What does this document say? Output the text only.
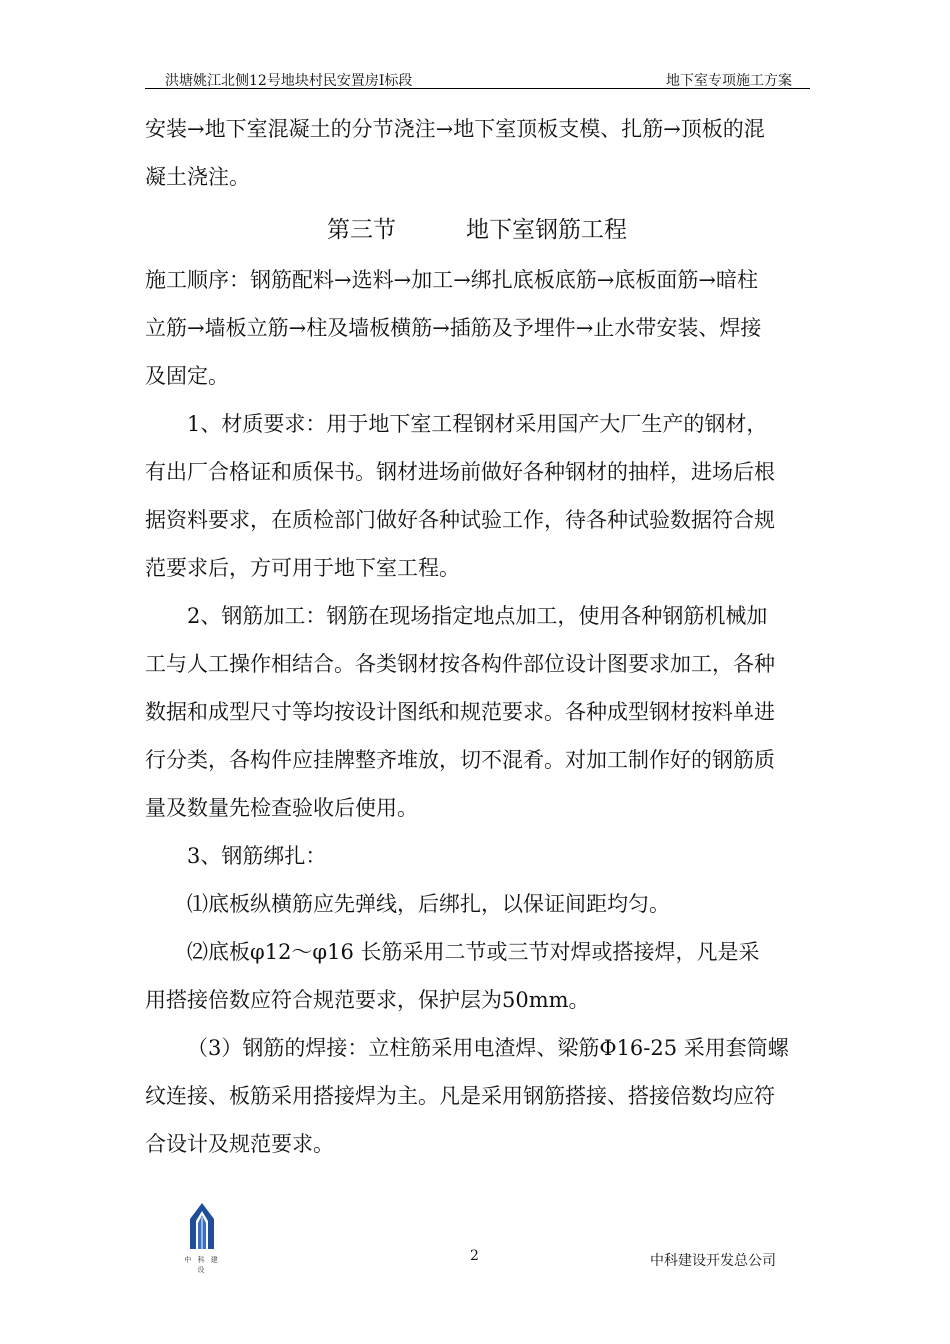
洪塘姚江北侧12号地块村民安置房Ⅰ标段	地下室专项施工方案
安装→地下室混凝土的分节浇注→地下室顶板支模、扎筋→顶板的混
凝土浇注。
第三节	地下室钢筋工程
施工顺序：钢筋配料→选料→加工→绑扎底板底筋→底板面筋→暗柱
立筋→墙板立筋→柱及墙板横筋→插筋及予埋件→止水带安装、焊接
及固定。
1、材质要求：用于地下室工程钢材采用国产大厂生产的钢材，
有出厂合格证和质保书。钢材进场前做好各种钢材的抽样，进场后根
据资料要求，在质检部门做好各种试验工作，待各种试验数据符合规
范要求后，方可用于地下室工程。
2、钢筋加工：钢筋在现场指定地点加工，使用各种钢筋机械加
工与人工操作相结合。各类钢材按各构件部位设计图要求加工，各种
数据和成型尺寸等均按设计图纸和规范要求。各种成型钢材按料单进
行分类，各构件应挂牌整齐堆放，切不混肴。对加工制作好的钢筋质
量及数量先检查验收后使用。
3、钢筋绑扎：
⑴底板纵横筋应先弹线，后绑扎，以保证间距均匀。
⑵底板φ12～φ16 长筋采用二节或三节对焊或搭接焊，凡是采
用搭接倍数应符合规范要求，保护层为50mm。
（3）钢筋的焊接：立柱筋采用电渣焊、梁筋Φ16-25 采用套筒螺
纹连接、板筋采用搭接焊为主。凡是采用钢筋搭接、搭接倍数均应符
合设计及规范要求。
中 科 建 设
2	中科建设开发总公司
